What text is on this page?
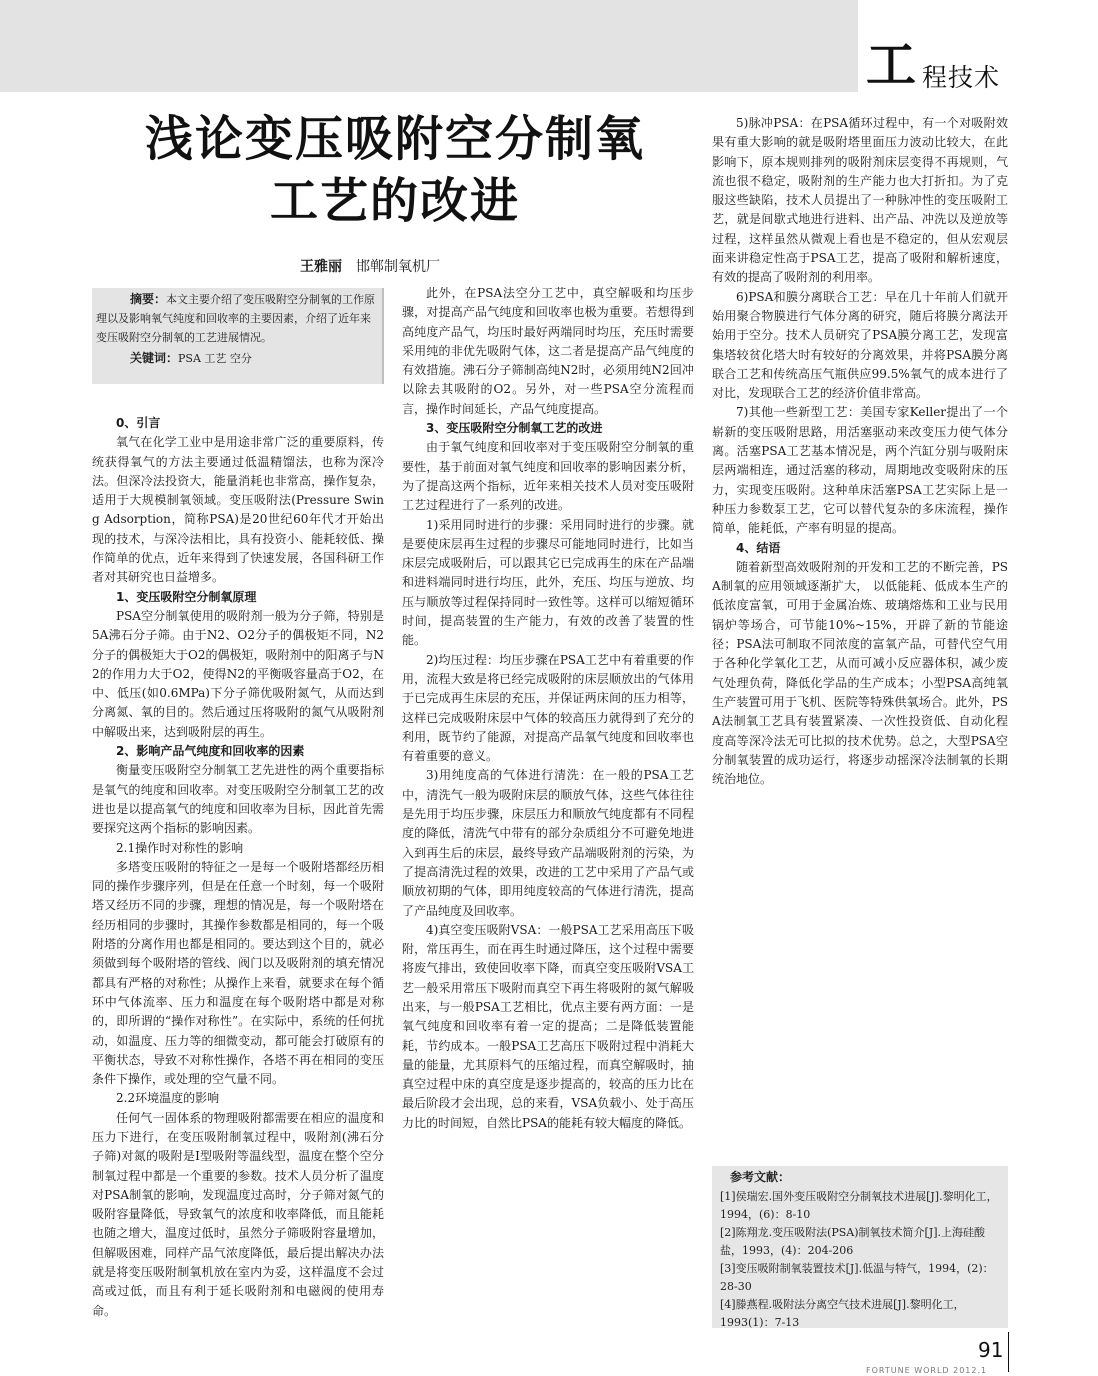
工 程技术
浅论变压吸附空分制氧
工艺的改进
王雅丽 邯郸制氧机厂
摘要：本文主要介绍了变压吸附空分制氧的工作原理以及影响氧气纯度和回收率的主要因素，介绍了近年来变压吸附空分制氧的工艺进展情况。
关键词：PSA 工艺 空分
0、引言

氧气在化学工业中是用途非常广泛的重要原料，传统获得氧气的方法主要通过低温精馏法，也称为深冷法。但深冷法投资大，能量消耗也非常高，操作复杂，适用于大规模制氧领域。变压吸附法(Pressure Swing Adsorption，简称PSA)是20世纪60年代才开始出现的技术，与深冷法相比，具有投资小、能耗较低、操作简单的优点，近年来得到了快速发展，各国科研工作者对其研究也日益增多。

1、变压吸附空分制氧原理

PSA空分制氧使用的吸附剂一般为分子筛，特别是5A沸石分子筛。由于N2、O2分子的偶极矩不同，N2分子的偶极矩大于O2的偶极矩，吸附剂中的阳离子与N2的作用力大于O2，使得N2的平衡吸容量高于O2，在中、低压(如0.6MPa)下分子筛优吸附氮气，从而达到分离氮、氧的目的。然后通过压将吸附的氮气从吸附剂中解吸出来，达到吸附层的再生。

2、影响产品气纯度和回收率的因素

衡量变压吸附空分制氧工艺先进性的两个重要指标是氧气的纯度和回收率。对变压吸附空分制氧工艺的改进也是以提高氧气的纯度和回收率为目标，因此首先需要探究这两个指标的影响因素。

2.1操作时对称性的影响

多塔变压吸附的特征之一是每一个吸附塔都经历相同的操作步骤序列，但是在任意一个时刻，每一个吸附塔又经历不同的步骤，理想的情况是，每一个吸附塔在经历相同的步骤时，其操作参数都是相同的，每一个吸附塔的分离作用也都是相同的。要达到这个目的，就必须做到每个吸附塔的管线、阀门以及吸附剂的填充情况都具有严格的对称性；从操作上来看，就要求在每个循环中气体流率、压力和温度在每个吸附塔中都是对称的，即所谓的“操作对称性”。在实际中，系统的任何扰动，如温度、压力等的细微变动，都可能会打破原有的平衡状态，导致不对称性操作，各塔不再在相同的变压条件下操作，或处理的空气量不同。

2.2环境温度的影响

任何气一固体系的物理吸附都需要在相应的温度和压力下进行，在变压吸附制氧过程中，吸附剂(沸石分子筛)对氮的吸附是I型吸附等温线型，温度在整个空分制氧过程中都是一个重要的参数。技术人员分析了温度对PSA制氧的影响，发现温度过高时，分子筛对氮气的吸附容量降低，导致氧气的浓度和收率降低，而且能耗也随之增大，温度过低时，虽然分子筛吸附容量增加，但解吸困难，同样产品气浓度降低，最后提出解决办法就是将变压吸附制氧机放在室内为妥，这样温度不会过高或过低，而且有利于延长吸附剂和电磁阀的使用寿命。

此外，在PSA法空分工艺中，真空解吸和均压步骤，对提高产品气纯度和回收率也极为重要。若想得到高纯度产品气，均压时最好两端同时均压，充压时需要采用纯的非优先吸附气体，这二者是提高产品气纯度的有效措施。沸石分子筛制高纯N2时，必须用纯N2回冲以除去其吸附的O2。另外，对一些PSA空分流程而言，操作时间延长，产品气纯度提高。

3、变压吸附空分制氧工艺的改进

由于氧气纯度和回收率对于变压吸附空分制氧的重要性，基于前面对氧气纯度和回收率的影响因素分析，为了提高这两个指标，近年来相关技术人员对变压吸附工艺过程进行了一系列的改进。

1)采用同时进行的步骤：采用同时进行的步骤。就是要使床层再生过程的步骤尽可能地同时进行，比如当床层完成吸附后，可以跟其它已完成再生的床在产品端和进料端同时进行均压，此外，充压、均压与逆放、均压与顺放等过程保持同时一致性等。这样可以缩短循环时间，提高装置的生产能力，有效的改善了装置的性能。

2)均压过程：均压步骤在PSA工艺中有着重要的作用，流程大致是将已经完成吸附的床层顺放出的气体用于已完成再生床层的充压，并保证两床间的压力相等，这样已完成吸附床层中气体的较高压力就得到了充分的利用，既节约了能源，对提高产品氧气纯度和回收率也有着重要的意义。

3)用纯度高的气体进行清洗：在一般的PSA工艺中，清洗气一般为吸附床层的顺放气体，这些气体往往是先用于均压步骤，床层压力和顺放气纯度都有不同程度的降低，清洗气中带有的部分杂质组分不可避免地进入到再生后的床层，最终导致产品端吸附剂的污染，为了提高清洗过程的效果，改进的工艺中采用了产品气或顺放初期的气体，即用纯度较高的气体进行清洗，提高了产品纯度及回收率。

4)真空变压吸附VSA：一般PSA工艺采用高压下吸附，常压再生，而在再生时通过降压，这个过程中需要将废气排出，致使回收率下降，而真空变压吸附VSA工艺一般采用常压下吸附而真空下再生将吸附的氮气解吸出来，与一般PSA工艺相比，优点主要有两方面：一是氧气纯度和回收率有着一定的提高；二是降低装置能耗，节约成本。一般PSA工艺高压下吸附过程中消耗大量的能量，尤其原料气的压缩过程，而真空解吸时，抽真空过程中床的真空度是逐步提高的，较高的压力比在最后阶段才会出现，总的来看，VSA负载小、处于高压力比的时间短，自然比PSA的能耗有较大幅度的降低。

5)脉冲PSA：在PSA循环过程中，有一个对吸附效果有重大影响的就是吸附塔里面压力波动比较大，在此影响下，原本规则排列的吸附剂床层变得不再规则，气流也很不稳定，吸附剂的生产能力也大打折扣。为了克服这些缺陷，技术人员提出了一种脉冲性的变压吸附工艺，就是间歇式地进行进料、出产品、冲洗以及逆放等过程，这样虽然从微观上看也是不稳定的，但从宏观层面来讲稳定性高于PSA工艺，提高了吸附和解析速度，有效的提高了吸附剂的利用率。

6)PSA和膜分离联合工艺：早在几十年前人们就开始用聚合物膜进行气体分离的研究，随后将膜分离法开始用于空分。技术人员研究了PSA膜分离工艺，发现富集塔较贫化塔大时有较好的分离效果，并将PSA膜分离联合工艺和传统高压气瓶供应99.5%氧气的成本进行了对比，发现联合工艺的经济价值非常高。

7)其他一些新型工艺：美国专家Keller提出了一个崭新的变压吸附思路，用活塞驱动来改变压力使气体分离。活塞PSA工艺基本情况是，两个汽缸分别与吸附床层两端相连，通过活塞的移动，周期地改变吸附床的压力，实现变压吸附。这种单床活塞PSA工艺实际上是一种压力参数泵工艺，它可以替代复杂的多床流程，操作简单，能耗低，产率有明显的提高。

4、结语

随着新型高效吸附剂的开发和工艺的不断完善，PSA制氧的应用领域逐渐扩大， 以低能耗、低成本生产的低浓度富氧，可用于金属冶炼、玻璃熔炼和工业与民用锅炉等场合，可节能10%~15%，开辟了新的节能途径；PSA法可制取不同浓度的富氧产品，可替代空气用于各种化学氧化工艺，从而可减小反应器体积，减少废气处理负荷，降低化学品的生产成本；小型PSA高纯氧生产装置可用于飞机、医院等特殊供氧场合。此外，PSA法制氧工艺具有装置紧凑、一次性投资低、自动化程度高等深冷法无可比拟的技术优势。总之，大型PSA空分制氧装置的成功运行，将逐步动摇深冷法制氧的长期统治地位。

参考文献：

[1]侯瑞宏.国外变压吸附空分制氧技术进展[J].黎明化工，1994，(6)：8-10

[2]陈翔龙.变压吸附法(PSA)制氧技术简介[J].上海硅酸盐，1993，(4)：204-206

[3]变压吸附制氧装置技术[J].低温与特气，1994，(2)：28-30

[4]滕燕程.吸附法分离空气技术进展[J].黎明化工，1993(1)：7-13

91
FORTUNE WORLD 2012.1
